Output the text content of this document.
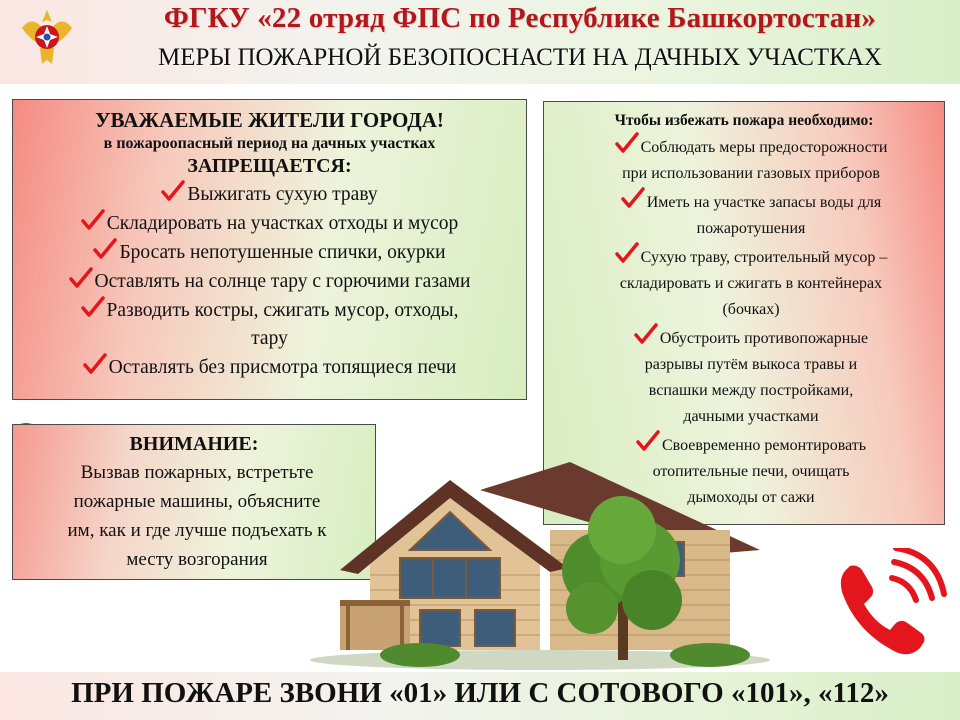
ФГКУ «22 отряд ФПС по Республике Башкортостан»
МЕРЫ ПОЖАРНОЙ БЕЗОПОСНАСТИ НА ДАЧНЫХ УЧАСТКАХ
УВАЖАЕМЫЕ ЖИТЕЛИ ГОРОДА!
в пожароопасный период на дачных участках
ЗАПРЕЩАЕТСЯ:
Выжигать сухую траву
Складировать на участках отходы и мусор
Бросать непотушенные спички, окурки
Оставлять на солнце тару с горючими газами
Разводить костры, сжигать мусор, отходы,
тару
Оставлять без присмотра топящиеся печи
Чтобы избежать пожара необходимо:
Соблюдать меры предосторожности
при использовании газовых приборов
Иметь на участке запасы воды для
пожаротушения
Сухую траву, строительный мусор –
складировать и сжигать в контейнерах
(бочках)
Обустроить противопожарные
разрывы путём выкоса травы и
вспашки между постройками,
дачными участками
Своевременно ремонтировать
отопительные печи, очищать
дымоходы от сажи
ВНИМАНИЕ:
Вызвав пожарных, встретьте
пожарные машины, объясните
им, как и где лучше подъехать к
месту возгорания
ПРИ ПОЖАРЕ ЗВОНИ «01» ИЛИ С СОТОВОГО «101», «112»
